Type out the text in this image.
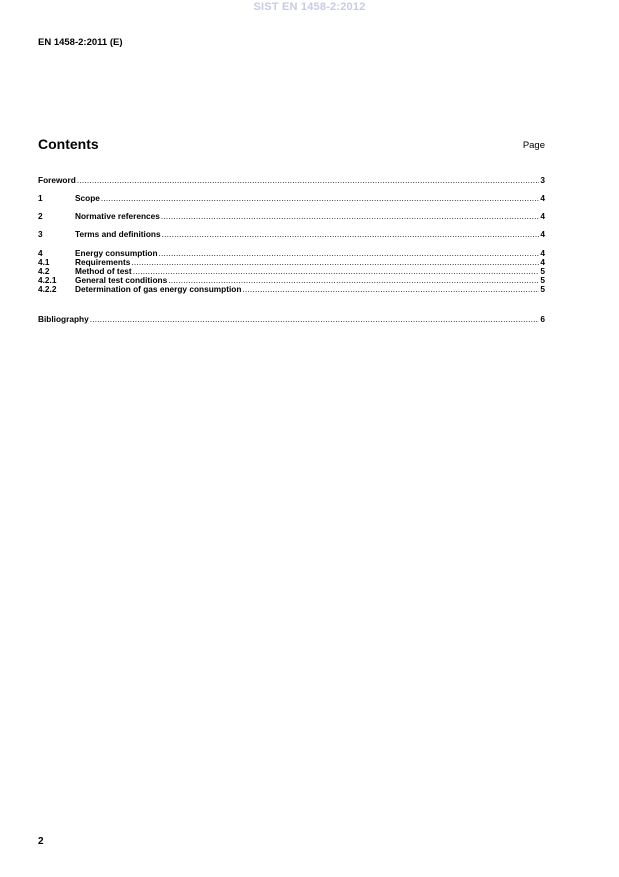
SIST EN 1458-2:2012
EN 1458-2:2011 (E)
Contents	Page
Foreword .....	3
1	Scope .....	4
2	Normative references .....	4
3	Terms and definitions .....	4
4	Energy consumption .....	4
4.1	Requirements .....	4
4.2	Method of test .....	5
4.2.1	General test conditions .....	5
4.2.2	Determination of gas energy consumption .....	5
Bibliography .....	6
2
